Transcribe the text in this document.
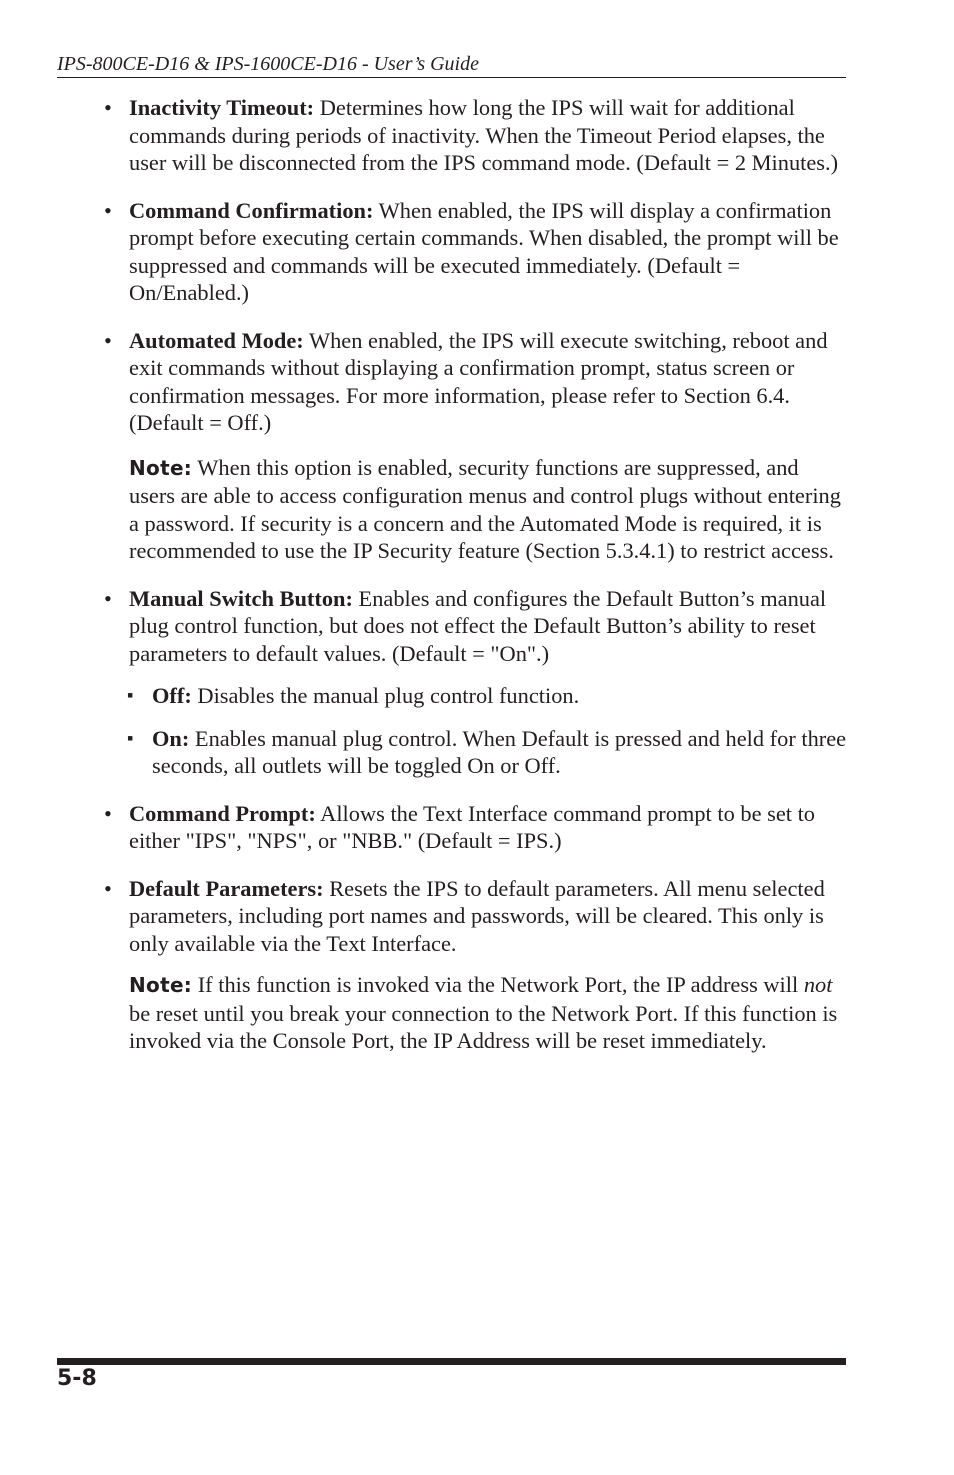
IPS-800CE-D16 & IPS-1600CE-D16 - User’s Guide
• Inactivity Timeout: Determines how long the IPS will wait for additional commands during periods of inactivity. When the Timeout Period elapses, the user will be disconnected from the IPS command mode. (Default = 2 Minutes.)
• Command Confirmation: When enabled, the IPS will display a confirmation prompt before executing certain commands. When disabled, the prompt will be suppressed and commands will be executed immediately. (Default = On/Enabled.)
• Automated Mode: When enabled, the IPS will execute switching, reboot and exit commands without displaying a confirmation prompt, status screen or confirmation messages. For more information, please refer to Section 6.4. (Default = Off.)
Note: When this option is enabled, security functions are suppressed, and users are able to access configuration menus and control plugs without entering a password. If security is a concern and the Automated Mode is required, it is recommended to use the IP Security feature (Section 5.3.4.1) to restrict access.
• Manual Switch Button: Enables and configures the Default Button’s manual plug control function, but does not effect the Default Button’s ability to reset parameters to default values. (Default = "On".)
▪ Off: Disables the manual plug control function.
▪ On: Enables manual plug control. When Default is pressed and held for three seconds, all outlets will be toggled On or Off.
• Command Prompt: Allows the Text Interface command prompt to be set to either "IPS", "NPS", or "NBB." (Default = IPS.)
• Default Parameters: Resets the IPS to default parameters. All menu selected parameters, including port names and passwords, will be cleared. This only is only available via the Text Interface.
Note: If this function is invoked via the Network Port, the IP address will not be reset until you break your connection to the Network Port. If this function is invoked via the Console Port, the IP Address will be reset immediately.
5-8
